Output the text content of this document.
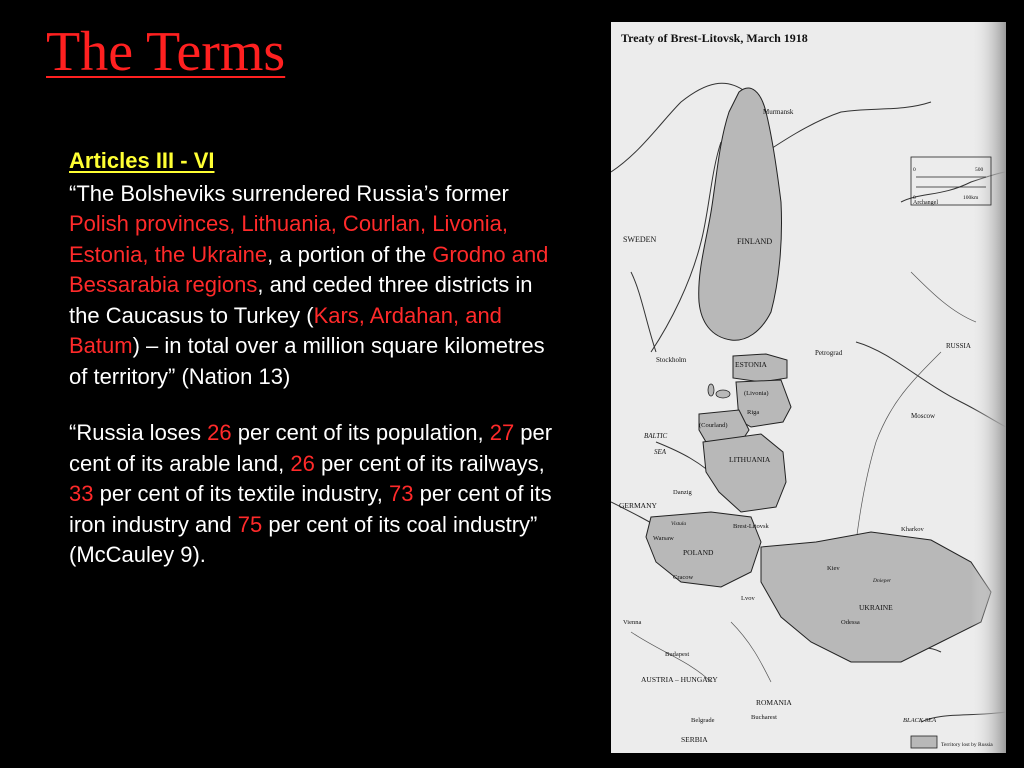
The Terms

Articles III - VI

“The Bolsheviks surrendered Russia’s former Polish provinces, Lithuania, Courlan, Livonia, Estonia, the Ukraine, a portion of the Grodno and Bessarabia regions, and ceded three districts in the Caucasus to Turkey (Kars, Ardahan, and Batum) – in total over a million square kilometres of territory” (Nation 13)

“Russia loses 26 per cent of its population, 27 per cent of its arable land, 26 per cent of its railways, 33 per cent of its textile industry, 73 per cent of its iron industry and 75 per cent of its coal industry” (McCauley 9).

Treaty of Brest-Litovsk, March 1918
Murmansk
Archangel
SWEDEN	FINLAND
Stockholm	ESTONIA
(Livonia)
Riga
Petrograd
RUSSIA
Moscow
BALTIC
SEA
(Courland)
LITHUANIA
Danzig
GERMANY
Brest-Litovsk
Vistula
Warsaw
POLAND
Cracow
Kharkov
Kiev
Dnieper
UKRAINE
Lvov
Vienna
Budapest
Odessa
AUSTRIA – HUNGARY
ROMANIA
Bucharest
Belgrade
SERBIA
BLACK SEA
0	500
0	100km
Territory lost by Russia
